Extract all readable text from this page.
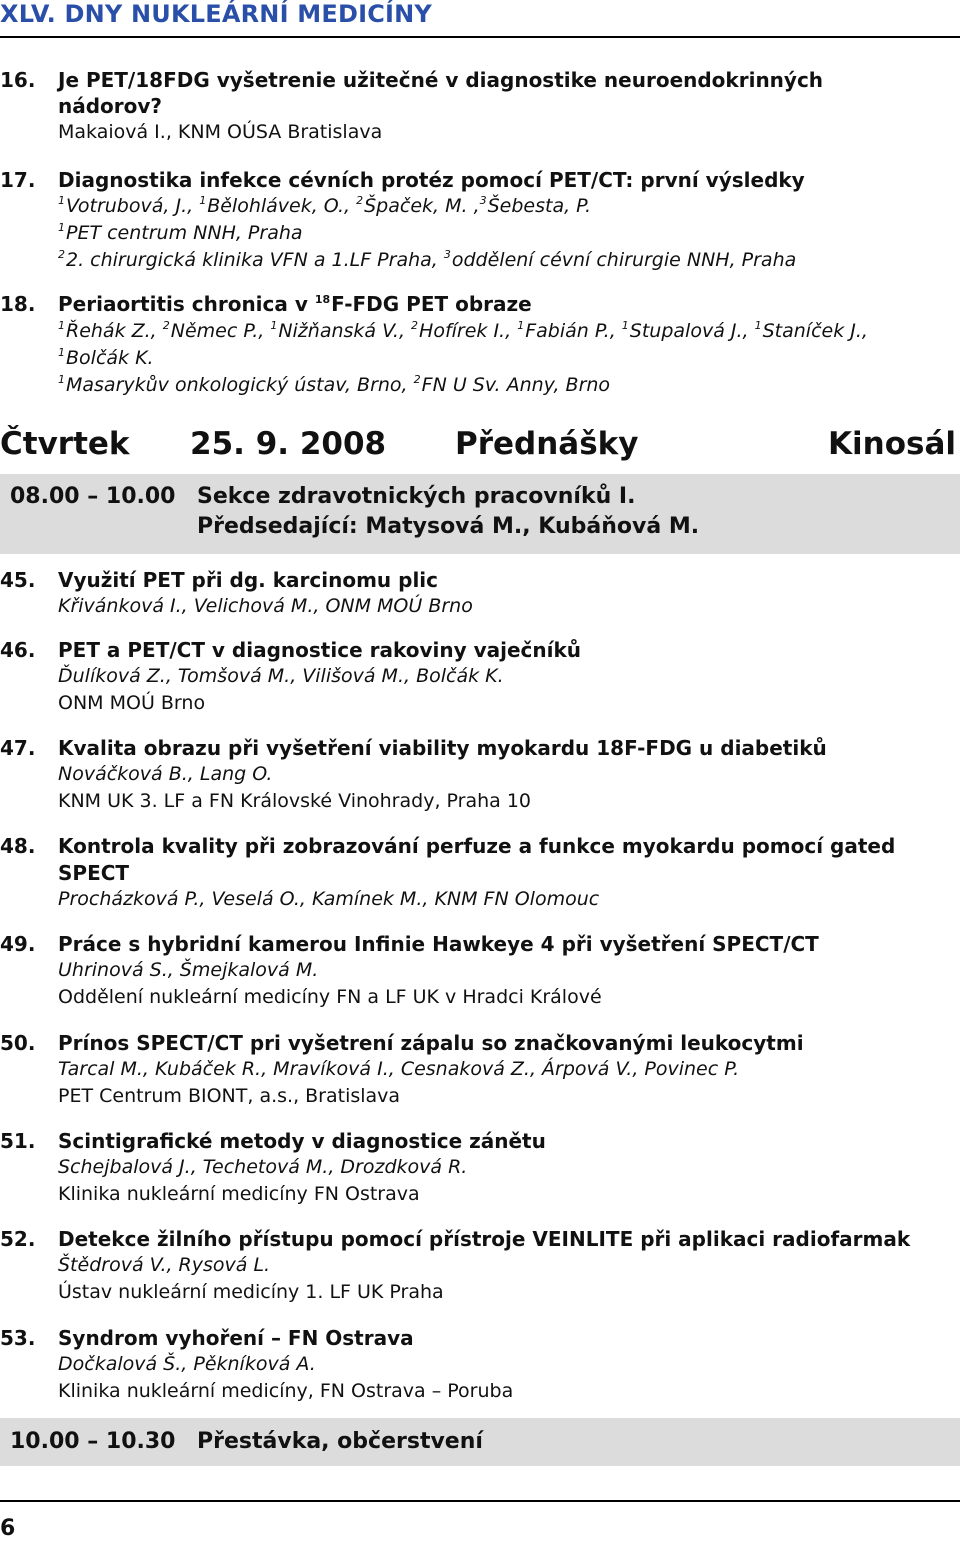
XLV. DNY NUKLEÁRNÍ MEDICÍNY
16. Je PET/18FDG vyšetrenie užitečné v diagnostike neuroendokrinných
nádorov?
Makaiová I., KNM OÚSA Bratislava
17. Diagnostika infekce cévních protéz pomocí PET/CT: první výsledky
$^1$Votrubová, J., $^1$Bělohlávek, O., $^2$Špaček, M. ,$^3$Šebesta, P.
$^1$PET centrum NNH, Praha
$^2$2. chirurgická klinika VFN a 1.LF Praha, $^3$oddělení cévní chirurgie NNH, Praha
18. Periaortitis chronica v $^{18}$F-FDG PET obraze
$^1$Řehák Z., $^2$Němec P., $^1$Nižňanská V., $^2$Hofírek I., $^1$Fabián P., $^1$Stupalová J., $^1$Staníček J.,
$^1$Bolčák K.
$^1$Masarykův onkologický ústav, Brno, $^2$FN U Sv. Anny, Brno
Čtvrtek 25. 9. 2008 Přednášky	Kinosál
08.00 – 10.00 Sekce zdravotnických pracovníků I.
Předsedající: Matysová M., Kubáňová M.
45. Využití PET při dg. karcinomu plic
Křivánková I., Velichová M., ONM MOÚ Brno
46. PET a PET/CT v diagnostice rakoviny vaječníků
Ďulíková Z., Tomšová M., Vilišová M., Bolčák K.
ONM MOÚ Brno
47. Kvalita obrazu při vyšetření viability myokardu 18F-FDG u diabetiků
Nováčková B., Lang O.
KNM UK 3. LF a FN Královské Vinohrady, Praha 10
48. Kontrola kvality při zobrazování perfuze a funkce myokardu pomocí gated
SPECT
Procházková P., Veselá O., Kamínek M., KNM FN Olomouc
49. Práce s hybridní kamerou Infinie Hawkeye 4 při vyšetření SPECT/CT
Uhrinová S., Šmejkalová M.
Oddělení nukleární medicíny FN a LF UK v Hradci Králové
50. Prínos SPECT/CT pri vyšetrení zápalu so značkovanými leukocytmi
Tarcal M., Kubáček R., Mravíková I., Cesnaková Z., Árpová V., Povinec P.
PET Centrum BIONT, a.s., Bratislava
51. Scintigrafické metody v diagnostice zánětu
Schejbalová J., Techetová M., Drozdková R.
Klinika nukleární medicíny FN Ostrava
52. Detekce žilního přístupu pomocí přístroje VEINLITE při aplikaci radiofarmak
Štědrová V., Rysová L.
Ústav nukleární medicíny 1. LF UK Praha
53. Syndrom vyhoření – FN Ostrava
Dočkalová Š., Pěkníková A.
Klinika nukleární medicíny, FN Ostrava – Poruba
10.00 – 10.30 Přestávka, občerstvení
6
